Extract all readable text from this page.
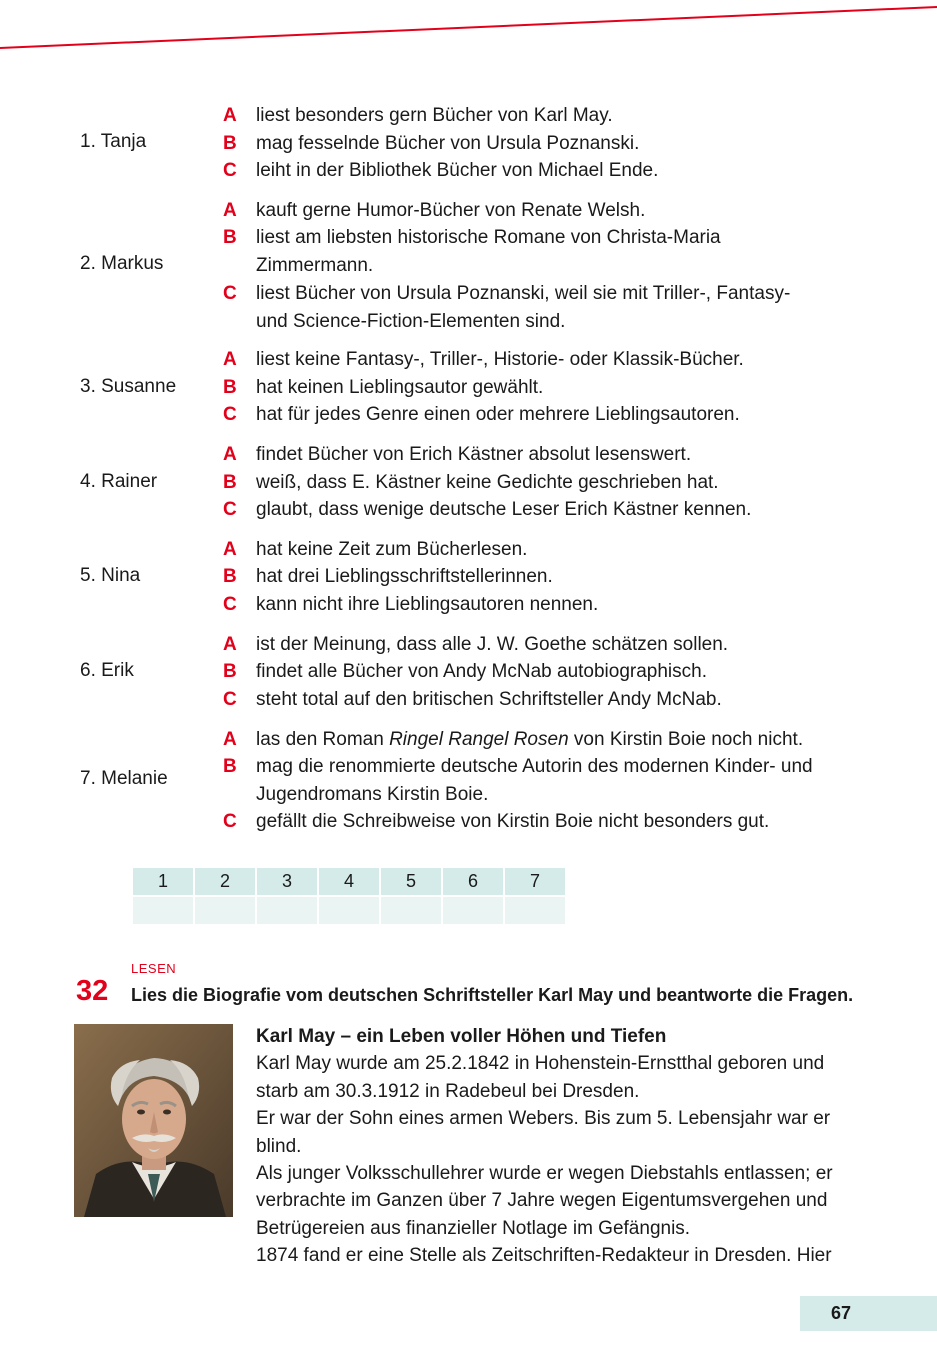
1. Tanja
A	liest besonders gern Bücher von Karl May.
B	mag fesselnde Bücher von Ursula Poznanski.
C	leiht in der Bibliothek Bücher von Michael Ende.
2. Markus
A	kauft gerne Humor-Bücher von Renate Welsh.
B	liest am liebsten historische Romane von Christa-Maria Zimmermann.
C	liest Bücher von Ursula Poznanski, weil sie mit Triller-, Fantasy- und Science-Fiction-Elementen sind.
3. Susanne
A	liest keine Fantasy-, Triller-, Historie- oder Klassik-Bücher.
B	hat keinen Lieblingsautor gewählt.
C	hat für jedes Genre einen oder mehrere Lieblingsautoren.
4. Rainer
A	findet Bücher von Erich Kästner absolut lesenswert.
B	weiß, dass E. Kästner keine Gedichte geschrieben hat.
C	glaubt, dass wenige deutsche Leser Erich Kästner kennen.
5. Nina
A	hat keine Zeit zum Bücherlesen.
B	hat drei Lieblingsschriftstellerinnen.
C	kann nicht ihre Lieblingsautoren nennen.
6. Erik
A	ist der Meinung, dass alle J. W. Goethe schätzen sollen.
B	findet alle Bücher von Andy McNab autobiographisch.
C	steht total auf den britischen Schriftsteller Andy McNab.
7. Melanie
A	las den Roman Ringel Rangel Rosen von Kirstin Boie noch nicht.
B	mag die renommierte deutsche Autorin des modernen Kinder- und Jugendromans Kirstin Boie.
C	gefällt die Schreibweise von Kirstin Boie nicht besonders gut.
1	2	3	4	5	6	7
LESEN
32 Lies die Biografie vom deutschen Schriftsteller Karl May und beantworte die Fragen.
Karl May – ein Leben voller Höhen und Tiefen

Karl May wurde am 25.2.1842 in Hohenstein-Ernstthal geboren und starb am 30.3.1912 in Radebeul bei Dresden.

Er war der Sohn eines armen Webers. Bis zum 5. Lebensjahr war er blind.

Als junger Volksschullehrer wurde er wegen Diebstahls entlassen; er verbrachte im Ganzen über 7 Jahre wegen Eigentumsvergehen und Betrügereien aus finanzieller Notlage im Gefängnis.

1874 fand er eine Stelle als Zeitschriften-Redakteur in Dresden. Hier

67
